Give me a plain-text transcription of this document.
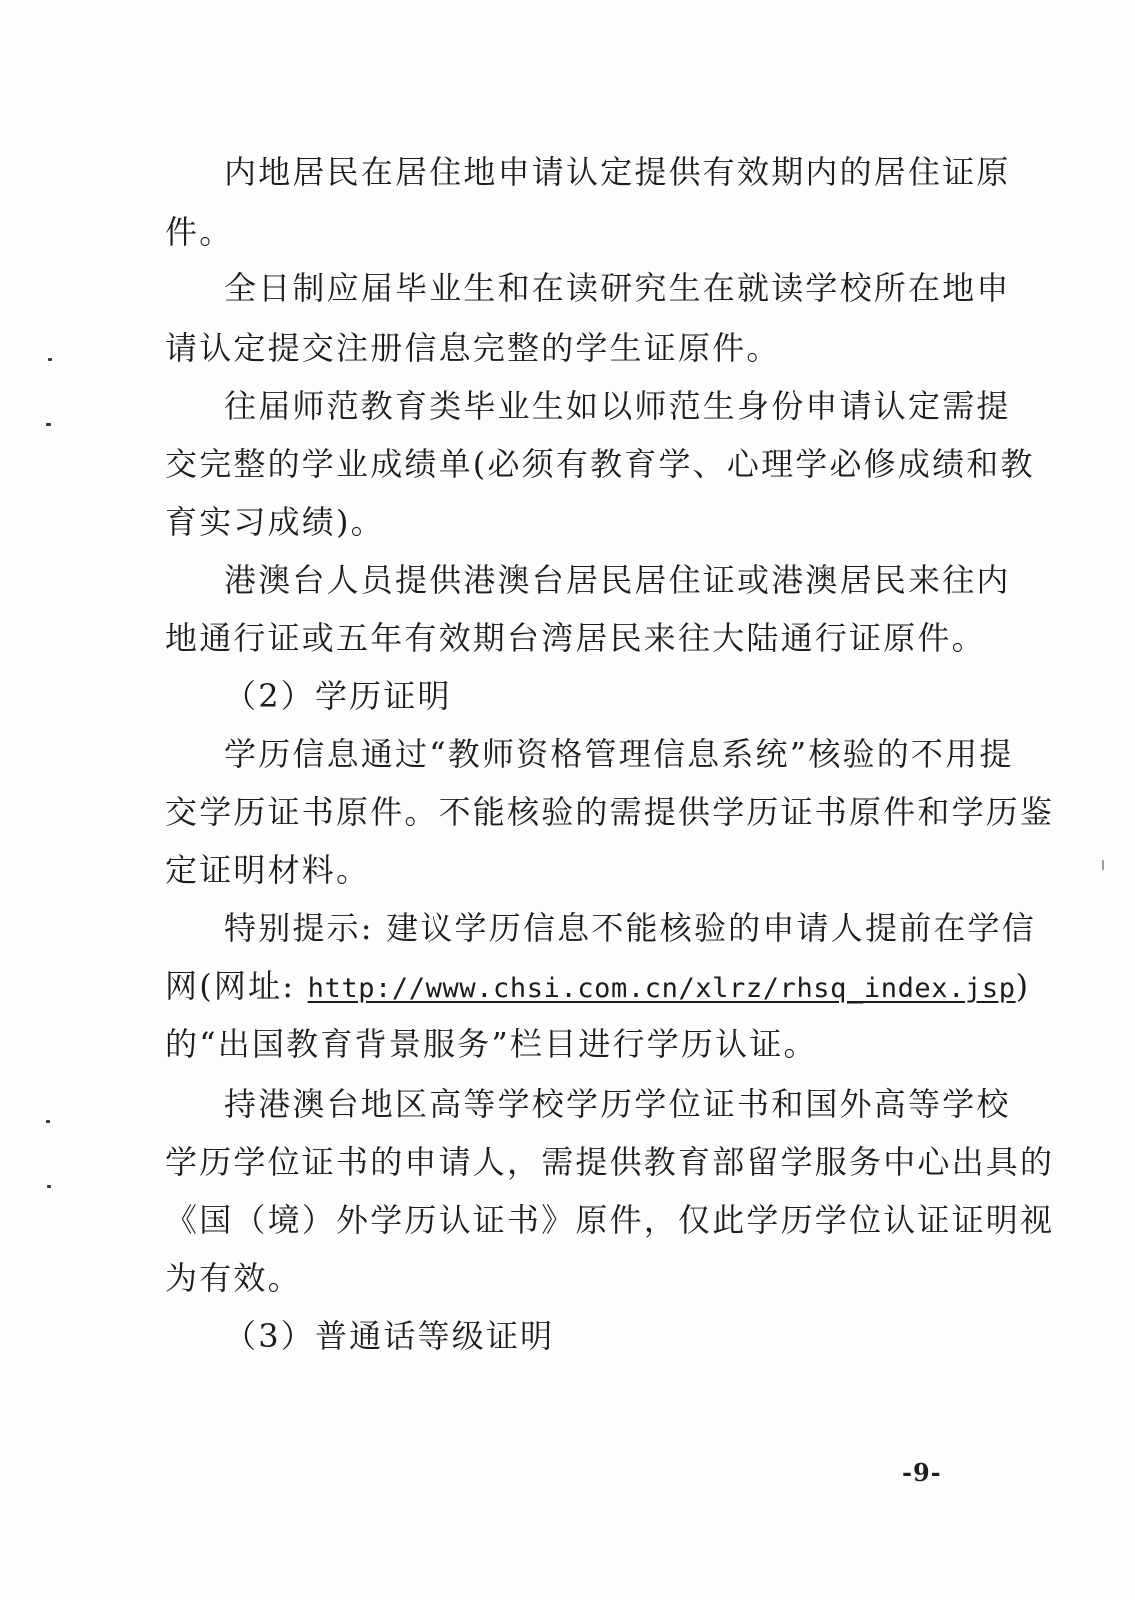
内地居民在居住地申请认定提供有效期内的居住证原
件。
全日制应届毕业生和在读研究生在就读学校所在地申
请认定提交注册信息完整的学生证原件。
往届师范教育类毕业生如以师范生身份申请认定需提
交完整的学业成绩单(必须有教育学、心理学必修成绩和教
育实习成绩)。
港澳台人员提供港澳台居民居住证或港澳居民来往内
地通行证或五年有效期台湾居民来往大陆通行证原件。
（2）学历证明
学历信息通过“教师资格管理信息系统”核验的不用提
交学历证书原件。不能核验的需提供学历证书原件和学历鉴
定证明材料。
特别提示: 建议学历信息不能核验的申请人提前在学信
网(网址: http://www.chsi.com.cn/xlrz/rhsq_index.jsp)
的“出国教育背景服务”栏目进行学历认证。
持港澳台地区高等学校学历学位证书和国外高等学校
学历学位证书的申请人，需提供教育部留学服务中心出具的
《国（境）外学历认证书》原件，仅此学历学位认证证明视
为有效。
（3）普通话等级证明
-9-
